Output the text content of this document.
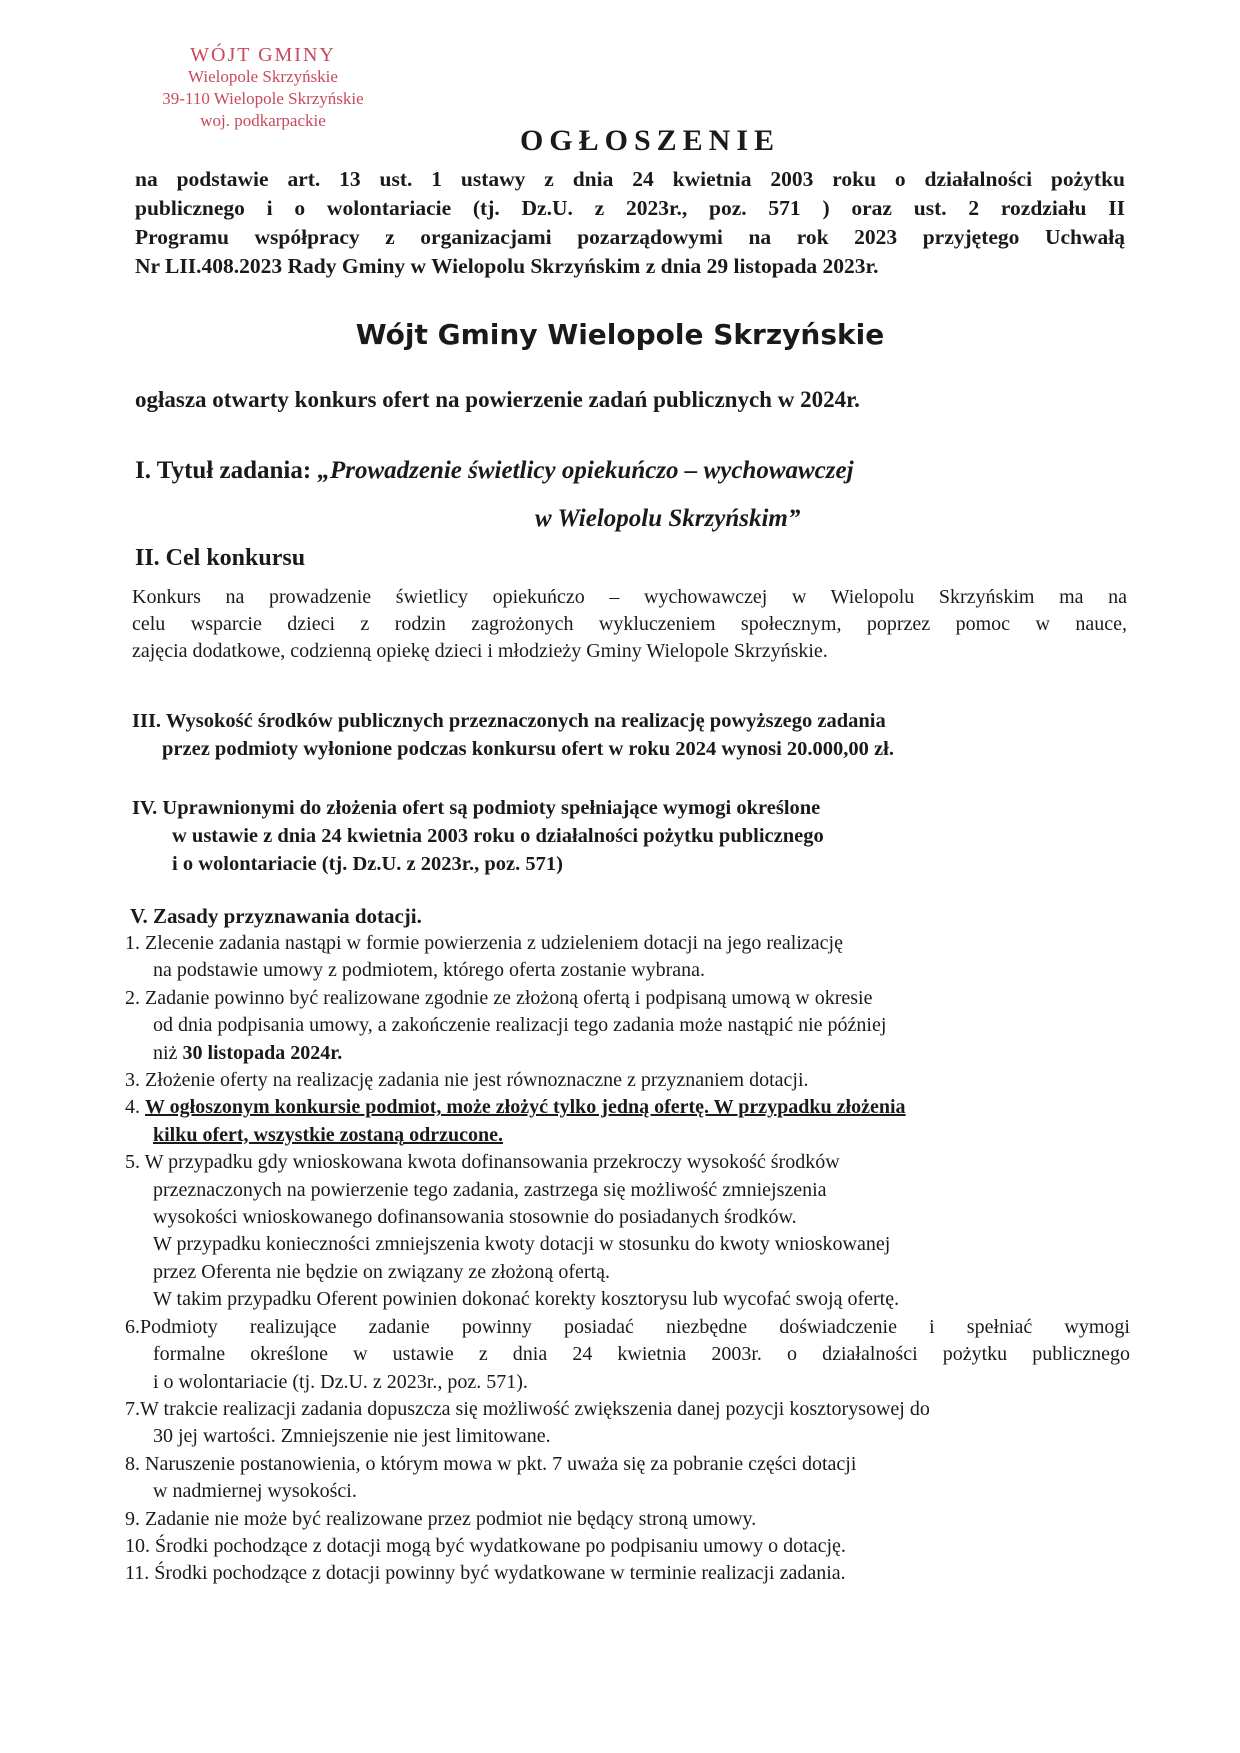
WÓJT GMINY
Wielopole Skrzyńskie
39-110 Wielopole Skrzyńskie
woj. podkarpackie
OGŁOSZENIE
na podstawie art. 13 ust. 1 ustawy z dnia 24 kwietnia 2003 roku o działalności pożytku
publicznego i o wolontariacie (tj. Dz.U. z 2023r., poz. 571 ) oraz ust. 2 rozdziału II
Programu współpracy z organizacjami pozarządowymi na rok 2023 przyjętego Uchwałą
Nr LII.408.2023 Rady Gminy w Wielopolu Skrzyńskim z dnia 29 listopada 2023r.
Wójt Gminy Wielopole Skrzyńskie
ogłasza otwarty konkurs ofert na powierzenie zadań publicznych w 2024r.
I. Tytuł zadania: „Prowadzenie świetlicy opiekuńczo – wychowawczej
w Wielopolu Skrzyńskim”
II. Cel konkursu
Konkurs na prowadzenie świetlicy opiekuńczo – wychowawczej w Wielopolu Skrzyńskim ma na
celu wsparcie dzieci z rodzin zagrożonych wykluczeniem społecznym, poprzez pomoc w nauce,
zajęcia dodatkowe, codzienną opiekę dzieci i młodzieży Gminy Wielopole Skrzyńskie.
III. Wysokość środków publicznych przeznaczonych na realizację powyższego zadania
przez podmioty wyłonione podczas konkursu ofert w roku 2024 wynosi 20.000,00 zł.
IV. Uprawnionymi do złożenia ofert są podmioty spełniające wymogi określone
w ustawie z dnia 24 kwietnia 2003 roku o działalności pożytku publicznego
i o wolontariacie (tj. Dz.U. z 2023r., poz. 571)
V. Zasady przyznawania dotacji.
1. Zlecenie zadania nastąpi w formie powierzenia z udzieleniem dotacji na jego realizację
na podstawie umowy z podmiotem, którego oferta zostanie wybrana.
2. Zadanie powinno być realizowane zgodnie ze złożoną ofertą i podpisaną umową w okresie
od dnia podpisania umowy, a zakończenie realizacji tego zadania może nastąpić nie później
niż 30 listopada 2024r.
3. Złożenie oferty na realizację zadania nie jest równoznaczne z przyznaniem dotacji.
4. W ogłoszonym konkursie podmiot, może złożyć tylko jedną ofertę. W przypadku złożenia
kilku ofert, wszystkie zostaną odrzucone.
5. W przypadku gdy wnioskowana kwota dofinansowania przekroczy wysokość środków
przeznaczonych na powierzenie tego zadania, zastrzega się możliwość zmniejszenia
wysokości wnioskowanego dofinansowania stosownie do posiadanych środków.
W przypadku konieczności zmniejszenia kwoty dotacji w stosunku do kwoty wnioskowanej
przez Oferenta nie będzie on związany ze złożoną ofertą.
W takim przypadku Oferent powinien dokonać korekty kosztorysu lub wycofać swoją ofertę.
6.Podmioty realizujące zadanie powinny posiadać niezbędne doświadczenie i spełniać wymogi
formalne określone w ustawie z dnia 24 kwietnia 2003r. o działalności pożytku publicznego
i o wolontariacie (tj. Dz.U. z 2023r., poz. 571).
7.W trakcie realizacji zadania dopuszcza się możliwość zwiększenia danej pozycji kosztorysowej do
30 jej wartości. Zmniejszenie nie jest limitowane.
8. Naruszenie postanowienia, o którym mowa w pkt. 7 uważa się za pobranie części dotacji
w nadmiernej wysokości.
9. Zadanie nie może być realizowane przez podmiot nie będący stroną umowy.
10. Środki pochodzące z dotacji mogą być wydatkowane po podpisaniu umowy o dotację.
11. Środki pochodzące z dotacji powinny być wydatkowane w terminie realizacji zadania.
